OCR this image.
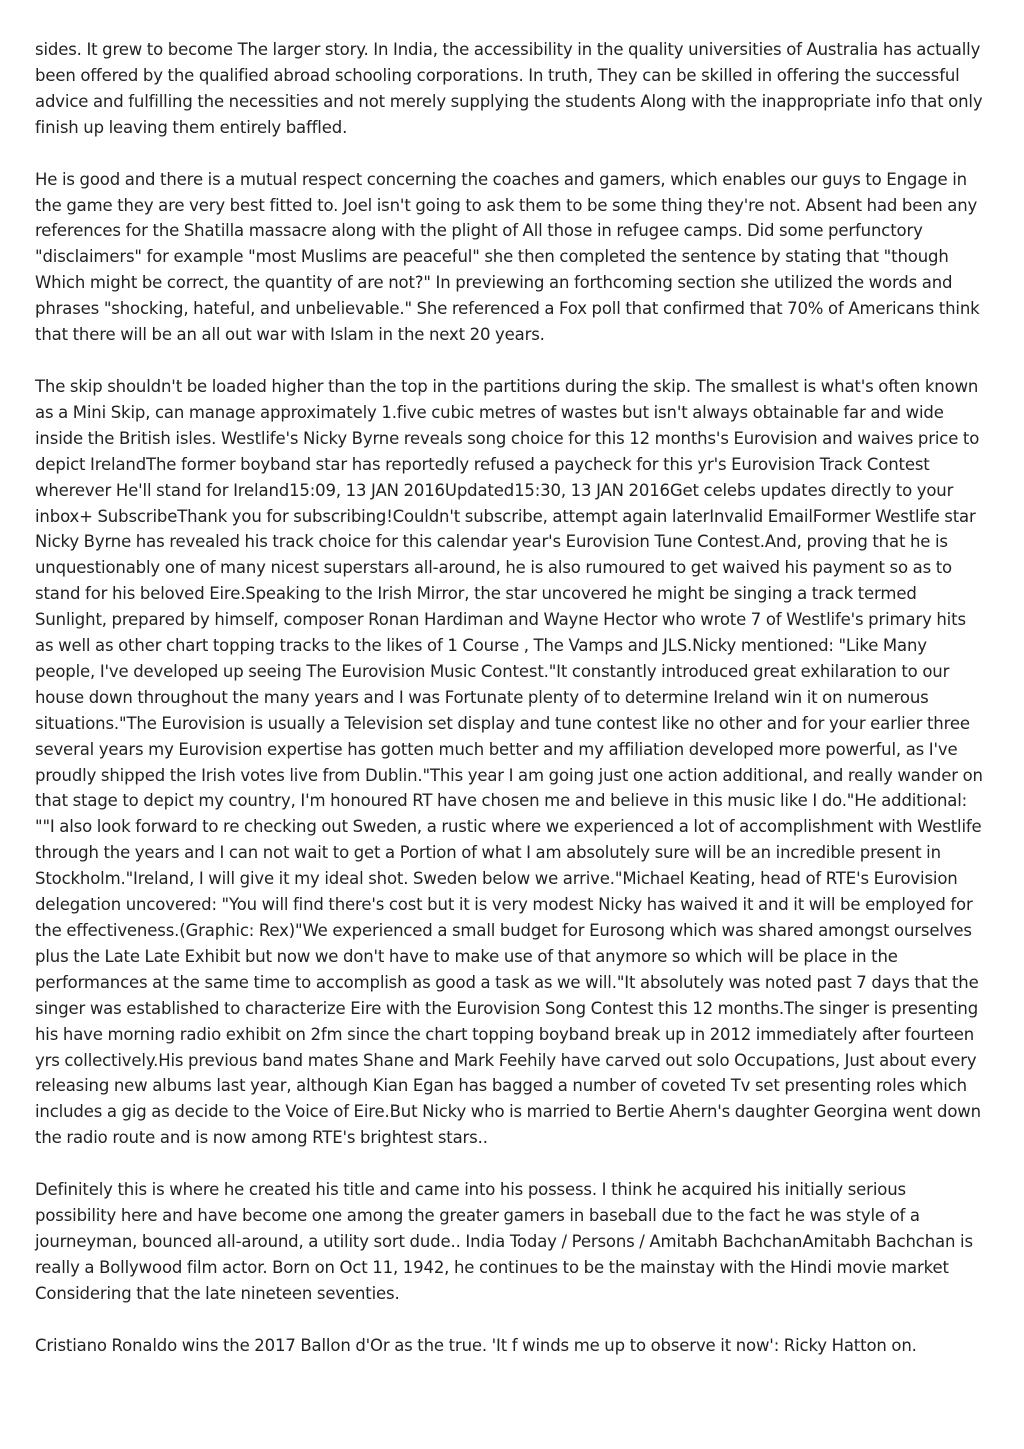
sides. It grew to become The larger story. In India, the accessibility in the quality universities of Australia has actually been offered by the qualified abroad schooling corporations. In truth, They can be skilled in offering the successful advice and fulfilling the necessities and not merely supplying the students Along with the inappropriate info that only finish up leaving them entirely baffled.

He is good and there is a mutual respect concerning the coaches and gamers, which enables our guys to Engage in the game they are very best fitted to. Joel isn't going to ask them to be some thing they're not. Absent had been any references for the Shatilla massacre along with the plight of All those in refugee camps. Did some perfunctory "disclaimers" for example "most Muslims are peaceful" she then completed the sentence by stating that "though Which might be correct, the quantity of are not?" In previewing an forthcoming section she utilized the words and phrases "shocking, hateful, and unbelievable." She referenced a Fox poll that confirmed that 70% of Americans think that there will be an all out war with Islam in the next 20 years.

The skip shouldn't be loaded higher than the top in the partitions during the skip. The smallest is what's often known as a Mini Skip, can manage approximately 1.five cubic metres of wastes but isn't always obtainable far and wide inside the British isles. Westlife's Nicky Byrne reveals song choice for this 12 months's Eurovision and waives price to depict IrelandThe former boyband star has reportedly refused a paycheck for this yr's Eurovision Track Contest wherever He'll stand for Ireland15:09, 13 JAN 2016Updated15:30, 13 JAN 2016Get celebs updates directly to your inbox+ SubscribeThank you for subscribing!Couldn't subscribe, attempt again laterInvalid EmailFormer Westlife star Nicky Byrne has revealed his track choice for this calendar year's Eurovision Tune Contest.And, proving that he is unquestionably one of many nicest superstars all-around, he is also rumoured to get waived his payment so as to stand for his beloved Eire.Speaking to the Irish Mirror, the star uncovered he might be singing a track termed Sunlight, prepared by himself, composer Ronan Hardiman and Wayne Hector who wrote 7 of Westlife's primary hits as well as other chart topping tracks to the likes of 1 Course , The Vamps and JLS.Nicky mentioned: "Like Many people, I've developed up seeing The Eurovision Music Contest."It constantly introduced great exhilaration to our house down throughout the many years and I was Fortunate plenty of to determine Ireland win it on numerous situations."The Eurovision is usually a Television set display and tune contest like no other and for your earlier three several years my Eurovision expertise has gotten much better and my affiliation developed more powerful, as I've proudly shipped the Irish votes live from Dublin."This year I am going just one action additional, and really wander on that stage to depict my country, I'm honoured RT have chosen me and believe in this music like I do."He additional: ""I also look forward to re checking out Sweden, a rustic where we experienced a lot of accomplishment with Westlife through the years and I can not wait to get a Portion of what I am absolutely sure will be an incredible present in Stockholm."Ireland, I will give it my ideal shot. Sweden below we arrive."Michael Keating, head of RTE's Eurovision delegation uncovered: "You will find there's cost but it is very modest Nicky has waived it and it will be employed for the effectiveness.(Graphic: Rex)"We experienced a small budget for Eurosong which was shared amongst ourselves plus the Late Late Exhibit but now we don't have to make use of that anymore so which will be place in the performances at the same time to accomplish as good a task as we will."It absolutely was noted past 7 days that the singer was established to characterize Eire with the Eurovision Song Contest this 12 months.The singer is presenting his have morning radio exhibit on 2fm since the chart topping boyband break up in 2012 immediately after fourteen yrs collectively.His previous band mates Shane and Mark Feehily have carved out solo Occupations, Just about every releasing new albums last year, although Kian Egan has bagged a number of coveted Tv set presenting roles which includes a gig as decide to the Voice of Eire.But Nicky who is married to Bertie Ahern's daughter Georgina went down the radio route and is now among RTE's brightest stars..

Definitely this is where he created his title and came into his possess. I think he acquired his initially serious possibility here and have become one among the greater gamers in baseball due to the fact he was style of a journeyman, bounced all-around, a utility sort dude.. India Today / Persons / Amitabh BachchanAmitabh Bachchan is really a Bollywood film actor. Born on Oct 11, 1942, he continues to be the mainstay with the Hindi movie market Considering that the late nineteen seventies.

Cristiano Ronaldo wins the 2017 Ballon d'Or as the true. 'It f winds me up to observe it now': Ricky Hatton on.
